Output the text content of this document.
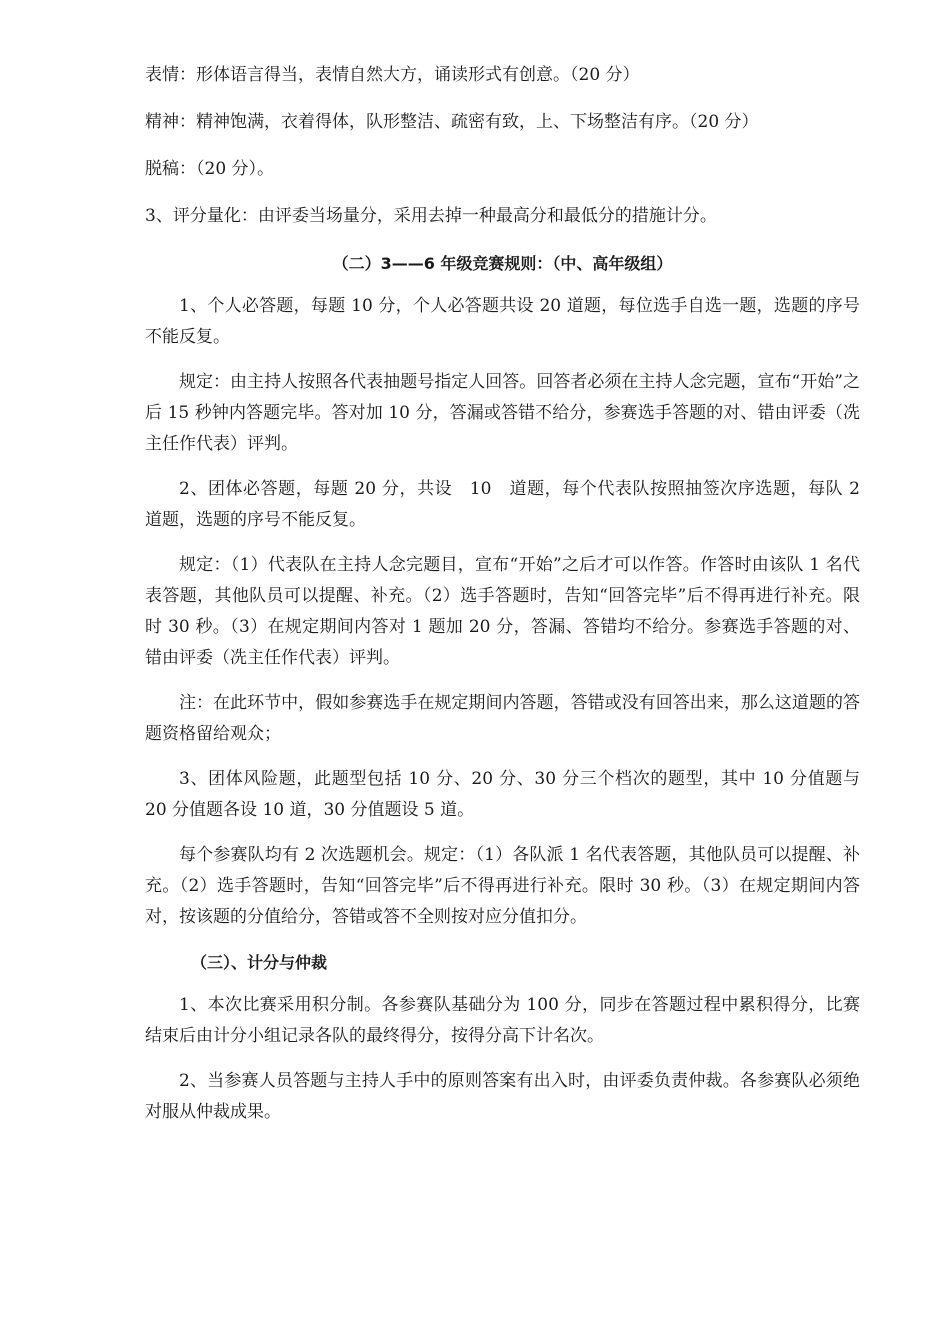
表情：形体语言得当，表情自然大方，诵读形式有创意。（20 分）

精神：精神饱满，衣着得体，队形整洁、疏密有致，上、下场整洁有序。（20 分）

脱稿：（20 分）。

3、评分量化：由评委当场量分，采用去掉一种最高分和最低分的措施计分。

（二）3——6 年级竞赛规则：（中、高年级组）

1、个人必答题，每题 10 分，个人必答题共设 20 道题，每位选手自选一题，选题的序号不能反复。

规定：由主持人按照各代表抽题号指定人回答。回答者必须在主持人念完题，宣布“开始”之后 15 秒钟内答题完毕。答对加 10 分，答漏或答错不给分，参赛选手答题的对、错由评委（冼主任作代表）评判。

2、团体必答题，每题 20 分，共设　10　道题，每个代表队按照抽签次序选题，每队 2 道题，选题的序号不能反复。

规定：（1）代表队在主持人念完题目，宣布“开始”之后才可以作答。作答时由该队 1 名代表答题，其他队员可以提醒、补充。（2）选手答题时，告知“回答完毕”后不得再进行补充。限时 30 秒。（3）在规定期间内答对 1 题加 20 分，答漏、答错均不给分。参赛选手答题的对、错由评委（冼主任作代表）评判。

注：在此环节中，假如参赛选手在规定期间内答题，答错或没有回答出来，那么这道题的答题资格留给观众；

3、团体风险题，此题型包括 10 分、20 分、30 分三个档次的题型，其中 10 分值题与 20 分值题各设 10 道，30 分值题设 5 道。

每个参赛队均有 2 次选题机会。规定：（1）各队派 1 名代表答题，其他队员可以提醒、补充。（2）选手答题时，告知“回答完毕”后不得再进行补充。限时 30 秒。（3）在规定期间内答对，按该题的分值给分，答错或答不全则按对应分值扣分。

（三）、计分与仲裁

1、本次比赛采用积分制。各参赛队基础分为 100 分，同步在答题过程中累积得分，比赛结束后由计分小组记录各队的最终得分，按得分高下计名次。

2、当参赛人员答题与主持人手中的原则答案有出入时，由评委负责仲裁。各参赛队必须绝对服从仲裁成果。
